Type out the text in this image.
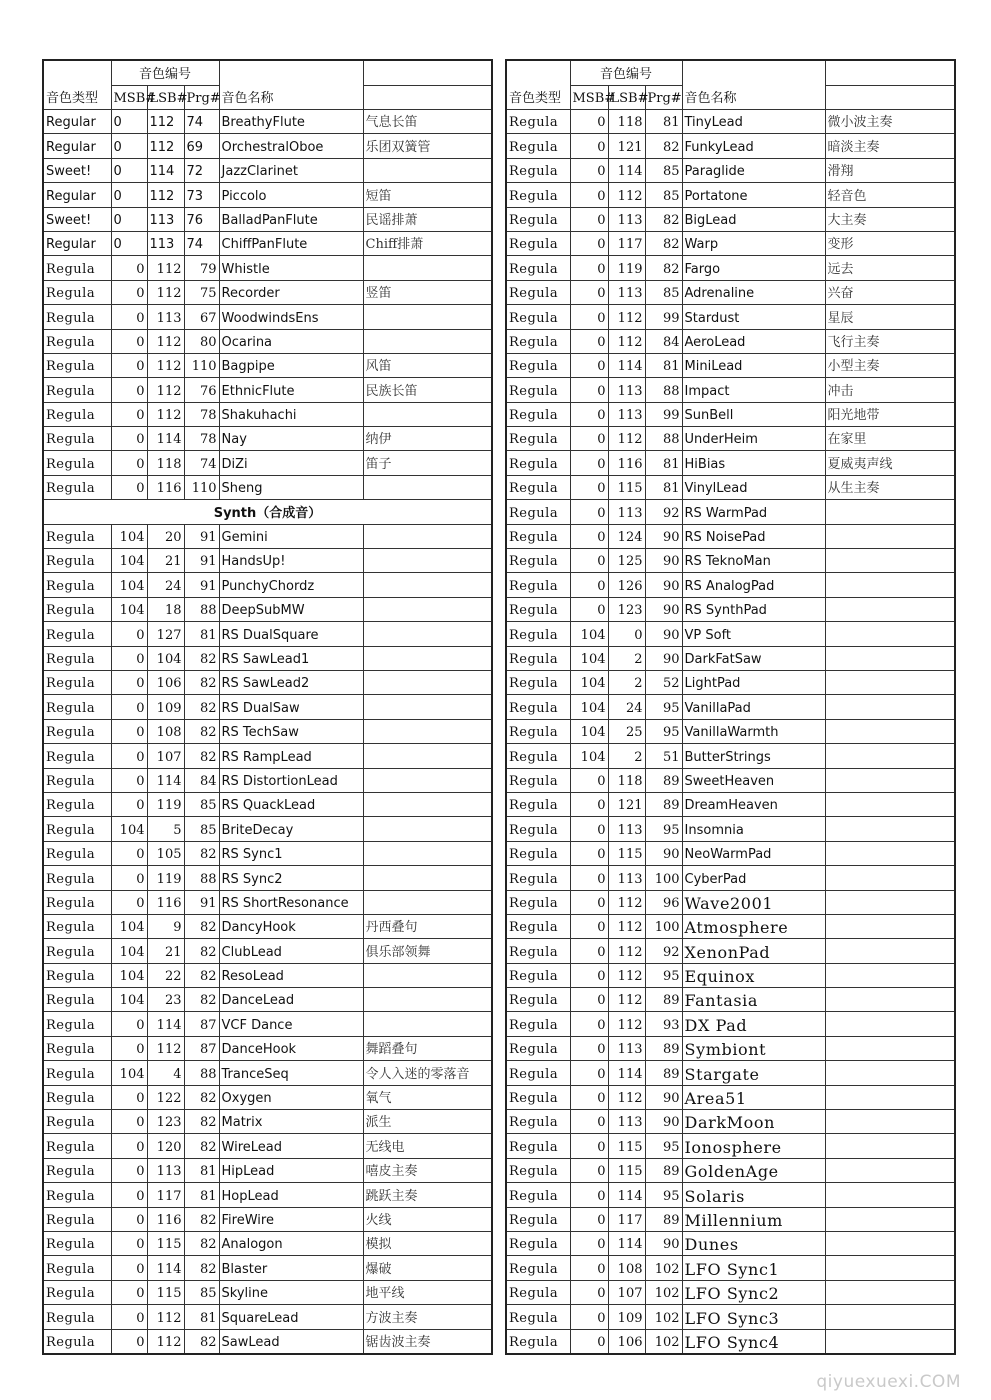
音色类型	音色编号			音色名称	
	MSB#	LSB#	Prg#		
Regular	0	112	74	BreathyFlute	气息长笛
Regular	0	112	69	OrchestralOboe	乐团双簧管
Sweet!	0	114	72	JazzClarinet	
Regular	0	112	73	Piccolo	短笛
Sweet!	0	113	76	BalladPanFlute	民谣排萧
Regular	0	113	74	ChiffPanFlute	Chiff排萧
Regula	0	112	79	Whistle	
Regula	0	112	75	Recorder	竖笛
Regula	0	113	67	WoodwindsEns	
Regula	0	112	80	Ocarina	
Regula	0	112	110	Bagpipe	风笛
Regula	0	112	76	EthnicFlute	民族长笛
Regula	0	112	78	Shakuhachi	
Regula	0	114	78	Nay	纳伊
Regula	0	118	74	DiZi	笛子
Regula	0	116	110	Sheng	
Synth（合成音）					
Regula	104	20	91	Gemini	
Regula	104	21	91	HandsUp!	
Regula	104	24	91	PunchyChordz	
Regula	104	18	88	DeepSubMW	
Regula	0	127	81	RS DualSquare	
Regula	0	104	82	RS SawLead1	
Regula	0	106	82	RS SawLead2	
Regula	0	109	82	RS DualSaw	
Regula	0	108	82	RS TechSaw	
Regula	0	107	82	RS RampLead	
Regula	0	114	84	RS DistortionLead	
Regula	0	119	85	RS QuackLead	
Regula	104	5	85	BriteDecay	
Regula	0	105	82	RS Sync1	
Regula	0	119	88	RS Sync2	
Regula	0	116	91	RS ShortResonance	
Regula	104	9	82	DancyHook	丹西叠句
Regula	104	21	82	ClubLead	俱乐部领舞
Regula	104	22	82	ResoLead	
Regula	104	23	82	DanceLead	
Regula	0	114	87	VCF Dance	
Regula	0	112	87	DanceHook	舞蹈叠句
Regula	104	4	88	TranceSeq	令人入迷的零落音
Regula	0	122	82	Oxygen	氧气
Regula	0	123	82	Matrix	派生
Regula	0	120	82	WireLead	无线电
Regula	0	113	81	HipLead	嘻皮主奏
Regula	0	117	81	HopLead	跳跃主奏
Regula	0	116	82	FireWire	火线
Regula	0	115	82	Analogon	模拟
Regula	0	114	82	Blaster	爆破
Regula	0	115	85	Skyline	地平线
Regula	0	112	81	SquareLead	方波主奏
Regula	0	112	82	SawLead	锯齿波主奏
音色类型	音色编号			音色名称	
	MSB#	LSB#	Prg#		
Regula	0	118	81	TinyLead	微小波主奏
Regula	0	121	82	FunkyLead	暗淡主奏
Regula	0	114	85	Paraglide	滑翔
Regula	0	112	85	Portatone	轻音色
Regula	0	113	82	BigLead	大主奏
Regula	0	117	82	Warp	变形
Regula	0	119	82	Fargo	远去
Regula	0	113	85	Adrenaline	兴奋
Regula	0	112	99	Stardust	星辰
Regula	0	112	84	AeroLead	飞行主奏
Regula	0	114	81	MiniLead	小型主奏
Regula	0	113	88	Impact	冲击
Regula	0	113	99	SunBell	阳光地带
Regula	0	112	88	UnderHeim	在家里
Regula	0	116	81	HiBias	夏威夷声线
Regula	0	115	81	VinylLead	从生主奏
Regula	0	113	92	RS WarmPad	
Regula	0	124	90	RS NoisePad	
Regula	0	125	90	RS TeknoMan	
Regula	0	126	90	RS AnalogPad	
Regula	0	123	90	RS SynthPad	
Regula	104	0	90	VP Soft	
Regula	104	2	90	DarkFatSaw	
Regula	104	2	52	LightPad	
Regula	104	24	95	VanillaPad	
Regula	104	25	95	VanillaWarmth	
Regula	104	2	51	ButterStrings	
Regula	0	118	89	SweetHeaven	
Regula	0	121	89	DreamHeaven	
Regula	0	113	95	Insomnia	
Regula	0	115	90	NeoWarmPad	
Regula	0	113	100	CyberPad	
Regula	0	112	96	Wave2001	
Regula	0	112	100	Atmosphere	
Regula	0	112	92	XenonPad	
Regula	0	112	95	Equinox	
Regula	0	112	89	Fantasia	
Regula	0	112	93	DX Pad	
Regula	0	113	89	Symbiont	
Regula	0	114	89	Stargate	
Regula	0	112	90	Area51	
Regula	0	113	90	DarkMoon	
Regula	0	115	95	Ionosphere	
Regula	0	115	89	GoldenAge	
Regula	0	114	95	Solaris	
Regula	0	117	89	Millennium	
Regula	0	114	90	Dunes	
Regula	0	108	102	LFO Sync1	
Regula	0	107	102	LFO Sync2	
Regula	0	109	102	LFO Sync3	
Regula	0	106	102	LFO Sync4	
qiyuexuexi.COM
